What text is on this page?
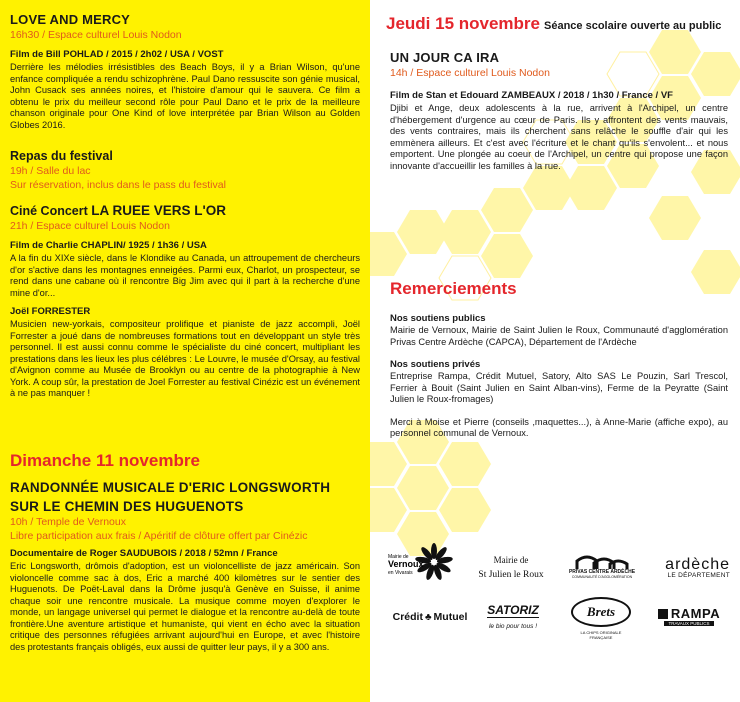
LOVE AND MERCY

16h30 / Espace culturel Louis Nodon

Film de Bill POHLAD / 2015 / 2h02 / USA / VOST

Derrière les mélodies irrésistibles des Beach Boys, il y a Brian Wilson, qu'une enfance compliquée a rendu schizophrène. Paul Dano ressuscite son génie musical, John Cusack ses années noires, et l'histoire d'amour qui le sauvera. Ce film a obtenu le prix du meilleur second rôle pour Paul Dano et le prix de la meilleure chanson originale pour One Kind of love interprétée par Brian Wilson au Golden Globes 2016.

Repas du festival

19h / Salle du lac

Sur réservation, inclus dans le pass du festival

Ciné Concert LA RUEE VERS L'OR

21h / Espace culturel Louis Nodon

Film de Charlie CHAPLIN/ 1925 / 1h36 / USA

A la fin du XIXe siècle, dans le Klondike au Canada, un attroupement de chercheurs d'or s'active dans les montagnes enneigées. Parmi eux, Charlot, un prospecteur, se rend dans une cabane où il rencontre Big Jim avec qui il part à la recherche d'une mine d'or...

Joël FORRESTER

Musicien new-yorkais, compositeur prolifique et pianiste de jazz accompli, Joël Forrester a joué dans de nombreuses formations tout en développant un style très personnel. Il est aussi connu comme le spécialiste du ciné concert, multipliant les prestations dans les lieux les plus célébres : Le Louvre, le musée d'Orsay, au festival d'Avignon comme au Musée de Brooklyn ou au centre de la photographie à New York. A coup sûr, la prestation de Joel Forrester au festival Cinézic est un événement à ne pas manquer !

Dimanche 11 novembre

RANDONNÉE MUSICALE D'ERIC LONGSWORTH

SUR LE CHEMIN DES HUGUENOTS

10h / Temple de Vernoux

Libre participation aux frais / Apéritif de clôture offert par Cinézic

Documentaire de Roger SAUDUBOIS / 2018 / 52mn / France

Eric Longsworth, drômois d'adoption, est un violoncelliste de jazz américain. Son violoncelle comme sac à dos, Eric a marché 400 kilomètres sur le sentier des Huguenots. De Poët-Laval dans la Drôme jusqu'à Genève en Suisse, il anime chaque soir une rencontre musicale. La musique comme moyen d'explorer le monde, un langage universel qui permet le dialogue et la rencontre au-delà de toute frontière.Une aventure artistique et humaniste, qui vient en écho avec la situation critique des personnes réfugiées arrivant aujourd'hui en Europe, et avec l'histoire des protestants français obligés, eux aussi de quitter leur pays, il y a 300 ans.

Jeudi 15 novembre Séance scolaire ouverte au public

UN JOUR CA IRA

14h / Espace culturel Louis Nodon

Film de Stan et Edouard ZAMBEAUX / 2018 / 1h30 / France / VF

Djibi et Ange, deux adolescents à la rue, arrivent à l'Archipel, un centre d'hébergement d'urgence au cœur de Paris. Ils y affrontent des vents mauvais, des vents contraires, mais ils cherchent sans relâche le souffle d'air qui les emmènera ailleurs. Et c'est avec l'écriture et le chant qu'ils s'envolent... et nous emportent. Une plongée au coeur de l'Archipel, un centre qui propose une façon innovante d'accueillir les familles à la rue.

Remerciements

Nos soutiens publics

Mairie de Vernoux, Mairie de Saint Julien le Roux, Communauté d'agglomération Privas Centre Ardèche (CAPCA), Département de l'Ardèche

Nos soutiens privés

Entreprise Rampa, Crédit Mutuel, Satory, Alto SAS Le Pouzin, Sarl Trescol, Ferrier à Bouit (Saint Julien en Saint Alban-vins), Ferme de la Peyratte (Saint Julien le Roux-fromages)

Merci à Moise et Pierre (conseils ,maquettes...), à Anne-Marie (affiche expo), au personnel communal de Vernoux.

Mairie de
Vernoux
en Vivarais
Mairie de
St Julien le Roux	PRIVAS CENTRE ARDÈCHE
COMMUNAUTÉ D'AGGLOMÉRATION
ardèche
LE DÉPARTEMENT
Crédit ♣ Mutuel
SATORIZ
le bio pour tous !
Brets
LA CHIPS ORIGINALE FRANÇAISE
RAMPA
TRAVAUX PUBLICS
